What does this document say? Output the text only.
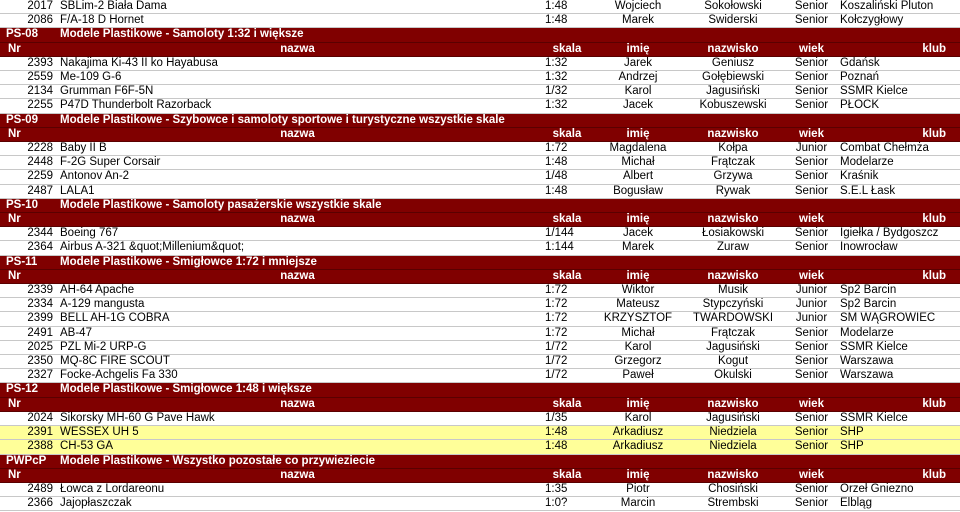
2017	SBLim-2 Biała Dama	1:48	Wojciech	Sokołowski	Senior	Koszaliński Pluton
2086	F/A-18 D Hornet	1:48	Marek	Świderski	Senior	Kołczygłowy
PS-08	Modele Plastikowe - Samoloty 1:32 i większe					
Nr	nazwa	skala	imię	nazwisko	wiek	klub
2393	Nakajima Ki-43 II ko Hayabusa	1:32	Jarek	Geniusz	Senior	Gdańsk
2559	Me-109 G-6	1:32	Andrzej	Gołębiewski	Senior	Poznań
2134	Grumman F6F-5N	1/32	Karol	Jagusiński	Senior	ŚSMR Kielce
2255	P47D Thunderbolt Razorback	1:32	Jacek	Kobuszewski	Senior	PŁOCK
PS-09	Modele Plastikowe - Szybowce i samoloty sportowe i turystyczne wszystkie skale					
Nr	nazwa	skala	imię	nazwisko	wiek	klub
2228	Baby II B	1:72	Magdalena	Kołpa	Junior	Combat Chełmża
2448	F-2G Super Corsair	1:48	Michał	Frątczak	Senior	Modelarze
2259	Antonov An-2	1/48	Albert	Grzywa	Senior	Kraśnik
2487	LALA1	1:48	Bogusław	Rywak	Senior	S.E.L Łask
PS-10	Modele Plastikowe - Samoloty pasażerskie wszystkie skale					
Nr	nazwa	skala	imię	nazwisko	wiek	klub
2344	Boeing 767	1/144	Jacek	Łosiakowski	Senior	Igiełka / Bydgoszcz
2364	Airbus A-321 &quot;Millenium&quot;	1:144	Marek	Żuraw	Senior	Inowrocław
PS-11	Modele Plastikowe - Śmigłowce 1:72 i mniejsze					
Nr	nazwa	skala	imię	nazwisko	wiek	klub
2339	AH-64 Apache	1:72	Wiktor	Musik	Junior	Sp2 Barcin
2334	A-129 mangusta	1:72	Mateusz	Stypczyński	Junior	Sp2 Barcin
2399	BELL AH-1G COBRA	1:72	KRZYSZTOF	TWARDOWSKI	Junior	SM WĄGROWIEC
2491	AB-47	1:72	Michał	Frątczak	Senior	Modelarze
2025	PZL Mi-2 URP-G	1/72	Karol	Jagusiński	Senior	ŚSMR Kielce
2350	MQ-8C FIRE SCOUT	1/72	Grzegorz	Kogut	Senior	Warszawa
2327	Focke-Achgelis Fa 330	1/72	Paweł	Okulski	Senior	Warszawa
PS-12	Modele Plastikowe - Śmigłowce 1:48 i większe					
Nr	nazwa	skala	imię	nazwisko	wiek	klub
2024	Sikorsky MH-60 G Pave Hawk	1/35	Karol	Jagusiński	Senior	ŚSMR Kielce
2391	WESSEX UH 5	1:48	Arkadiusz	Niedziela	Senior	SHP
2388	CH-53 GA	1:48	Arkadiusz	Niedziela	Senior	SHP
PWPcP	Modele Plastikowe - Wszystko pozostałe co przywieziecie					
Nr	nazwa	skala	imię	nazwisko	wiek	klub
2489	Łowca z Lordareonu	1:35	Piotr	Chosiński	Senior	Orzeł Gniezno
2366	Jajopłaszczak	1:0?	Marcin	Strembski	Senior	Elbląg
